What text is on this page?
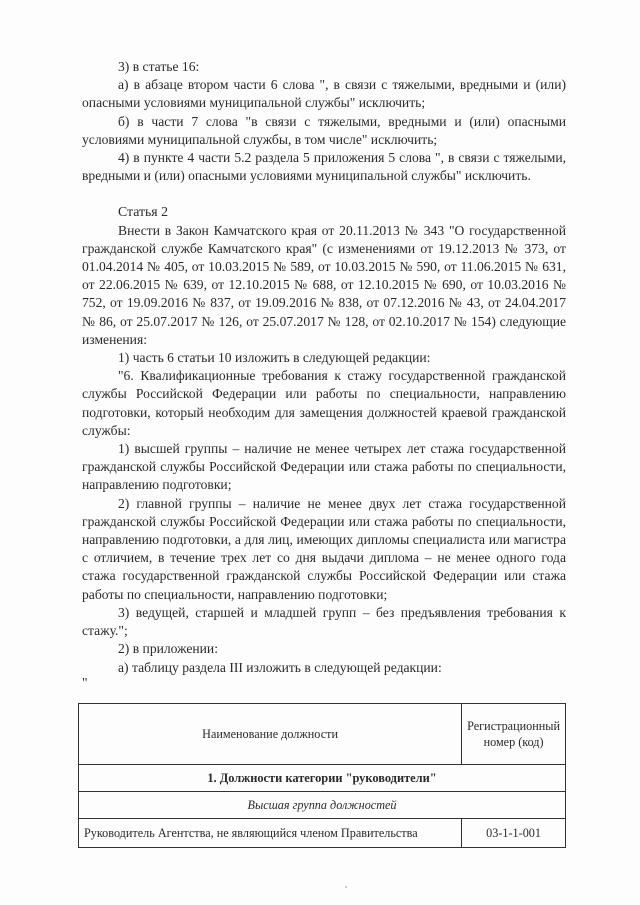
3) в статье 16:

а) в абзаце втором части 6 слова ", в связи с тяжелыми, вредными и (или) опасными условиями муниципальной службы" исключить;

б) в части 7 слова "в связи с тяжелыми, вредными и (или) опасными условиями муниципальной службы, в том числе" исключить;

4) в пункте 4 части 5.2 раздела 5 приложения 5 слова ", в связи с тяжелыми, вредными и (или) опасными условиями муниципальной службы" исключить.

Статья 2

Внести в Закон Камчатского края от 20.11.2013 № 343 "О государственной гражданской службе Камчатского края" (с изменениями от 19.12.2013 № 373, от 01.04.2014 № 405, от 10.03.2015 № 589, от 10.03.2015 № 590, от 11.06.2015 № 631, от 22.06.2015 № 639, от 12.10.2015 № 688, от 12.10.2015 № 690, от 10.03.2016 № 752, от 19.09.2016 № 837, от 19.09.2016 № 838, от 07.12.2016 № 43, от 24.04.2017 № 86, от 25.07.2017 № 126, от 25.07.2017 № 128, от 02.10.2017 № 154) следующие изменения:

1) часть 6 статьи 10 изложить в следующей редакции:

"6. Квалификационные требования к стажу государственной гражданской службы Российской Федерации или работы по специальности, направлению подготовки, который необходим для замещения должностей краевой гражданской службы:

1) высшей группы – наличие не менее четырех лет стажа государственной гражданской службы Российской Федерации или стажа работы по специальности, направлению подготовки;

2) главной группы – наличие не менее двух лет стажа государственной гражданской службы Российской Федерации или стажа работы по специальности, направлению подготовки, а для лиц, имеющих дипломы специалиста или магистра с отличием, в течение трех лет со дня выдачи диплома – не менее одного года стажа государственной гражданской службы Российской Федерации или стажа работы по специальности, направлению подготовки;

3) ведущей, старшей и младшей групп – без предъявления требования к стажу.";

2) в приложении:

а) таблицу раздела III изложить в следующей редакции:

"

Наименование должности	Регистрационный номер (код)
1. Должности категории "руководители"	
Высшая группа должностей	
Руководитель Агентства, не являющийся членом Правительства	03-1-1-001
